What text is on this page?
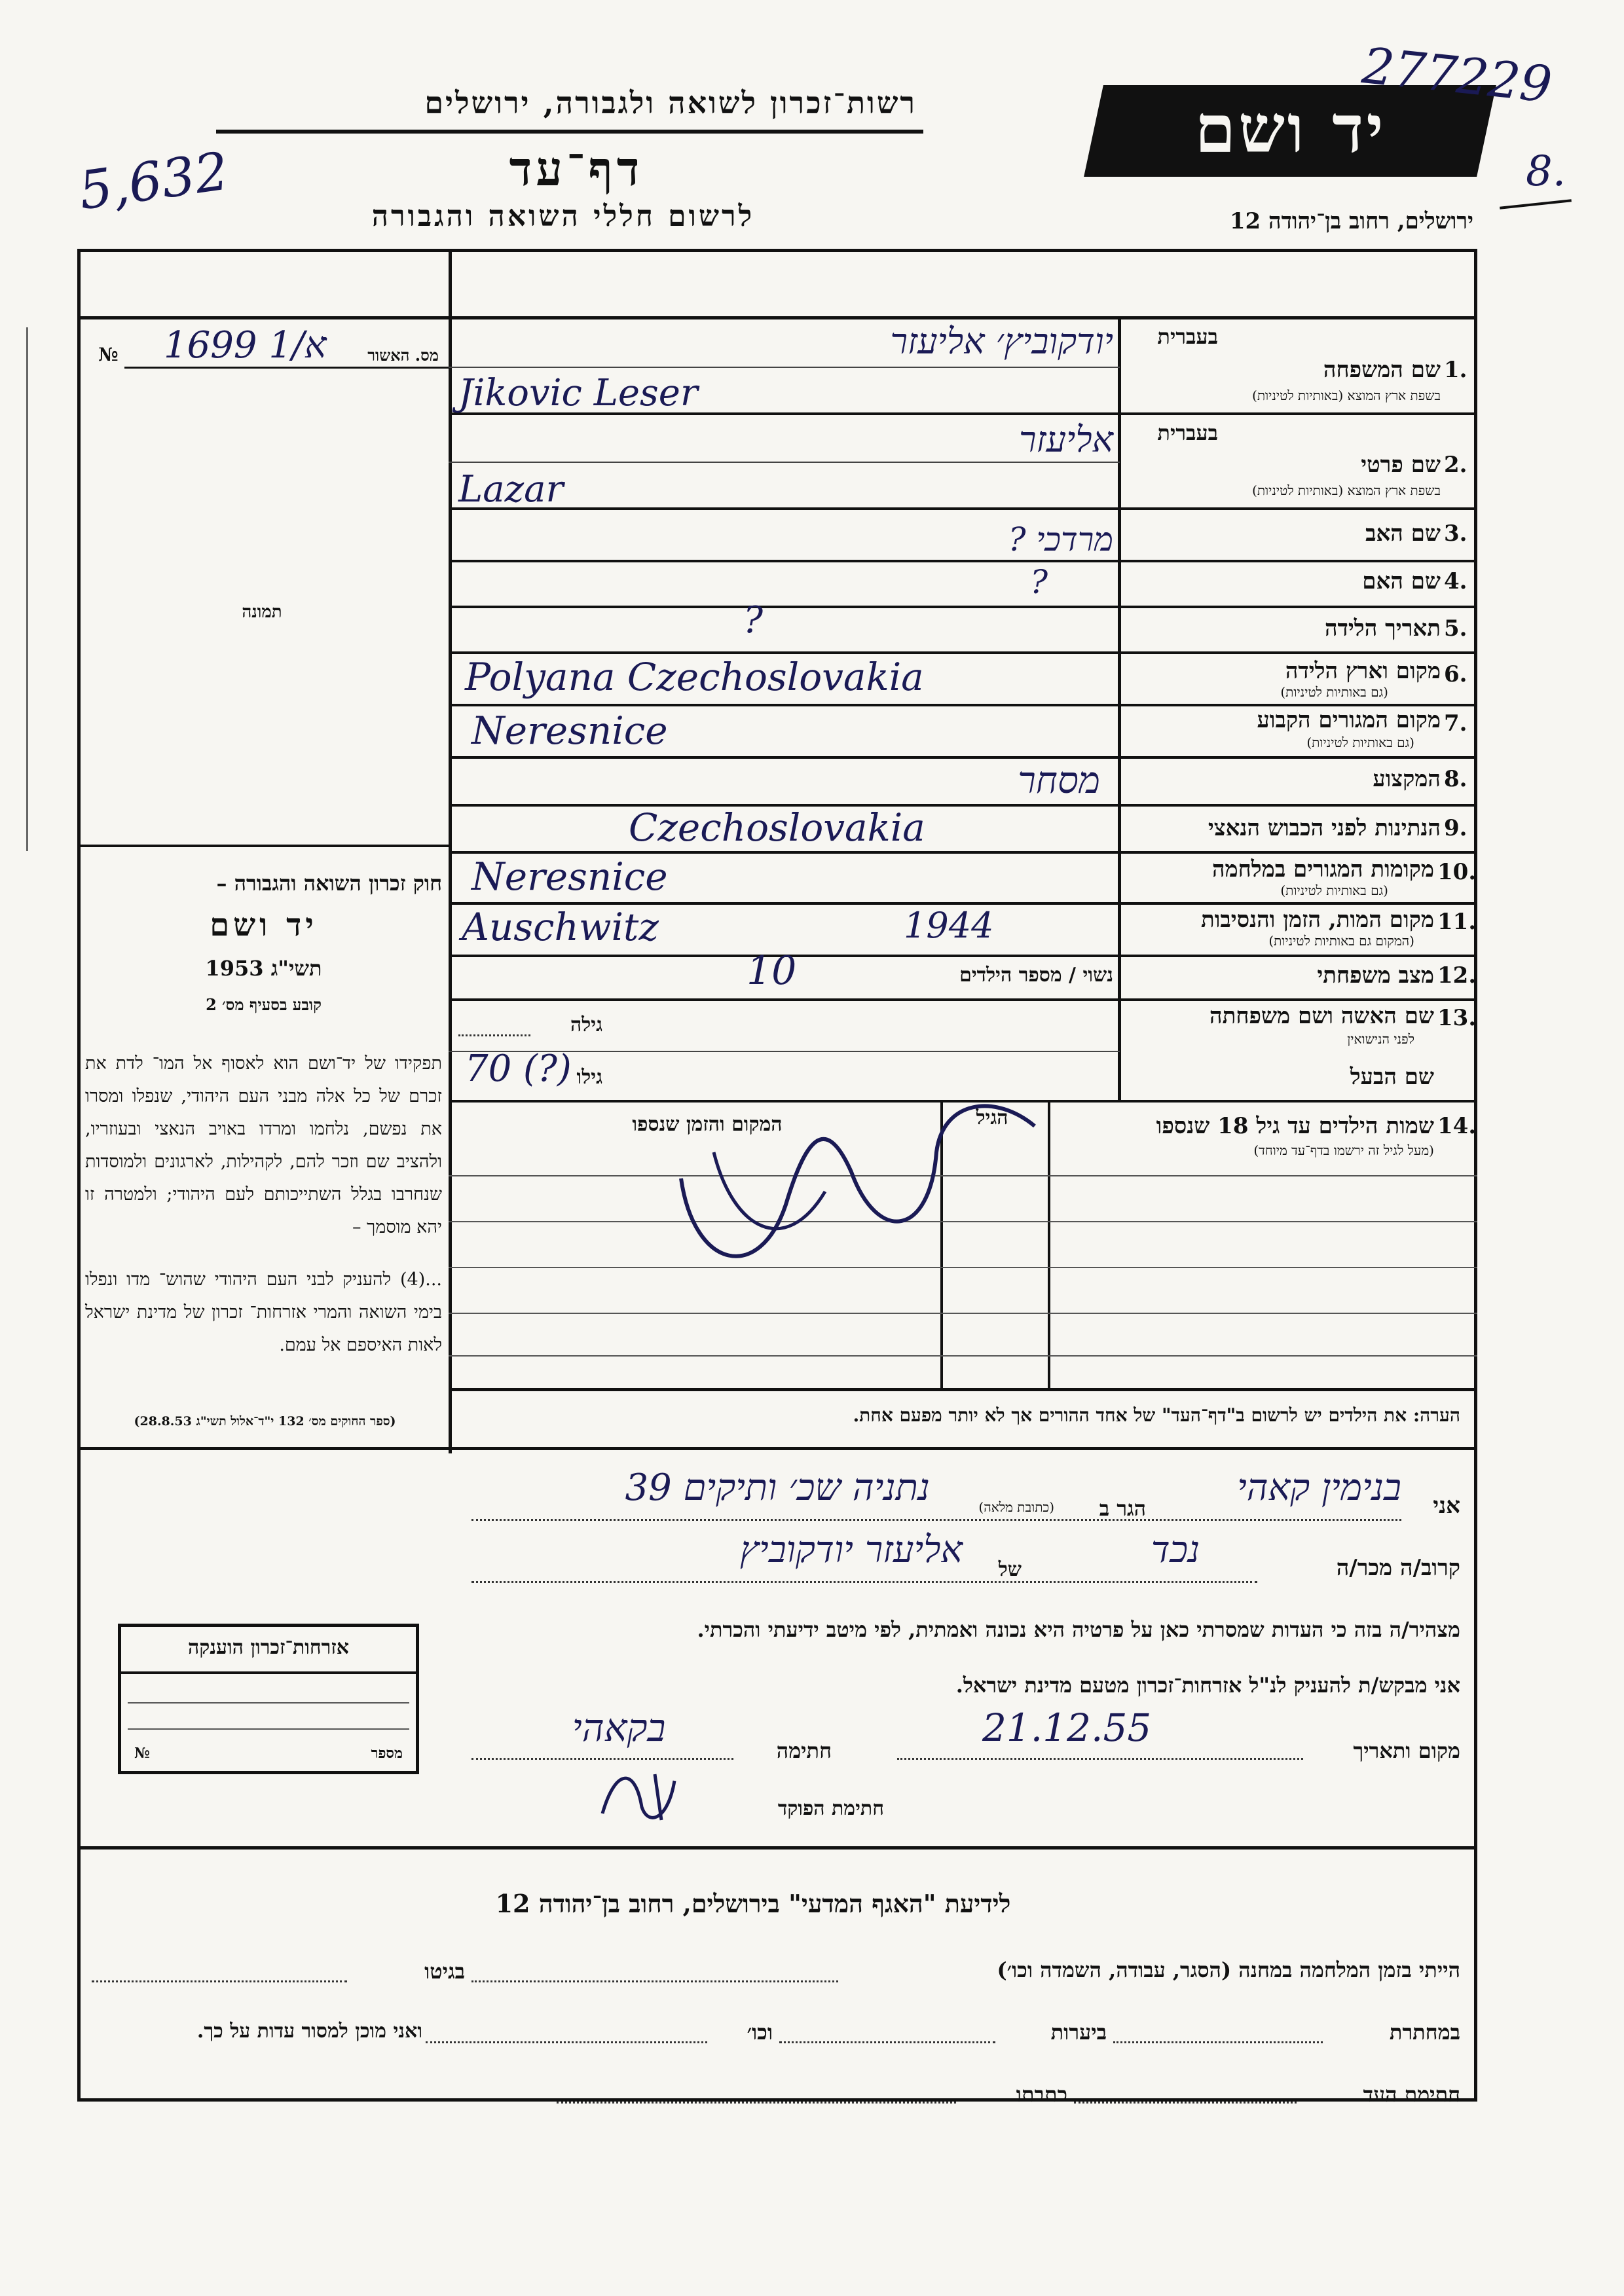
רשות־זכרון לשואה ולגבורה, ירושלים
דף־עד
לרשום חללי השואה והגבורה
יד ושם
ירושלים, רחוב בן־יהודה 12
277229
8.
5,632
№ 1699 א/1	מס. האשור
תמונה
חוק זכרון השואה והגבורה –
יד ושם
תשי"ג 1953
קובע בסעיף מס׳ 2
תפקידו של יד־ושם הוא לאסוף אל המו־ לדת את זכרם של כל אלה מבני העם היהודי, שנפלו ומסרו את נפשם, נלחמו ומרדו באויב הנאצי ובעוזריו, ולהציב שם וזכר להם, לקהילות, לארגונים ולמוסדות שנחרבו בגלל השתייכותם לעם היהודי; ולמטרה זו יהא מוסמך –
...(4) להעניק לבני העם היהודי שהוש־ מדו ונפלו בימי השואה והמרי אזרחות־ זכרון של מדינת ישראל לאות האיספם אל עמם.
(ספר החוקים מס׳ 132 י"ד־אלול תשי"ג 28.8.53)
אזרחות־זכרון הוענקה
מספר
№
בעברית
1.
שם המשפחה
בשפת ארץ המוצא (באותיות לטיניות)
יודקוביץ׳ אליעזר
Jikovic Leser
בעברית
2.
שם פרטי
בשפת ארץ המוצא (באותיות לטיניות)
אליעזר
Lazar
3.
שם האב
מרדכי ?
4.
שם האם
?
5.
תאריך הלידה
?
6.
מקום וארץ הלידה
(גם באותיות לטיניות)
Polyana Czechoslovakia
7.
מקום המגורים הקבוע
(גם באותיות לטיניות)
Neresnice
8.
המקצוע
מסחר
9.
הנתינות לפני הכבוש הנאצי
Czechoslovakia
10.
מקומות המגורים במלחמה
(גם באותיות לטיניות)
Neresnice
11.
מקום המות, הזמן והנסיבות
(המקום גם באותיות לטיניות)
Auschwitz	1944
12.
מצב משפחתי
נשוי / מספר הילדים
10
13.
שם האשה ושם משפחתה
לפני הנישואין
גילה
שם הבעל
70 (?) גילו
14.
שמות הילדים עד גיל 18 שנספו
(מעל לגיל זה ירשמו בדף־עד מיוחד)
הגיל
המקום והזמן שנספו
הערה: את הילדים יש לרשום ב"דף־העד" של אחד ההורים אך לא יותר מפעם אחת.
אני
בנימין קאהי
הגר ב
(כתובת מלאה)
נתניה שכ׳ ותיקים 39
קרוב/ה מכר/ה
נכד
של
אליעזר יודקוביץ
מצהיר/ה בזה כי העדות שמסרתי כאן על פרטיה היא נכונה ואמתית, לפי מיטב ידיעתי והכרתי.
אני מבקש/ת להעניק לנ"ל אזרחות־זכרון מטעם מדינת ישראל.
מקום ותאריך
21.12.55
חתימה
בקאהי
חתימת הפוקד
לידיעת "האגף המדעי" בירושלים, רחוב בן־יהודה 12
הייתי בזמן המלחמה במחנה (הסגר, עבודה, השמדה וכו׳)
בגיטו
במחתרת
ביערות
וכו׳
ואני מוכן למסור עדות על כך.
חתימת העד
כתבתו
